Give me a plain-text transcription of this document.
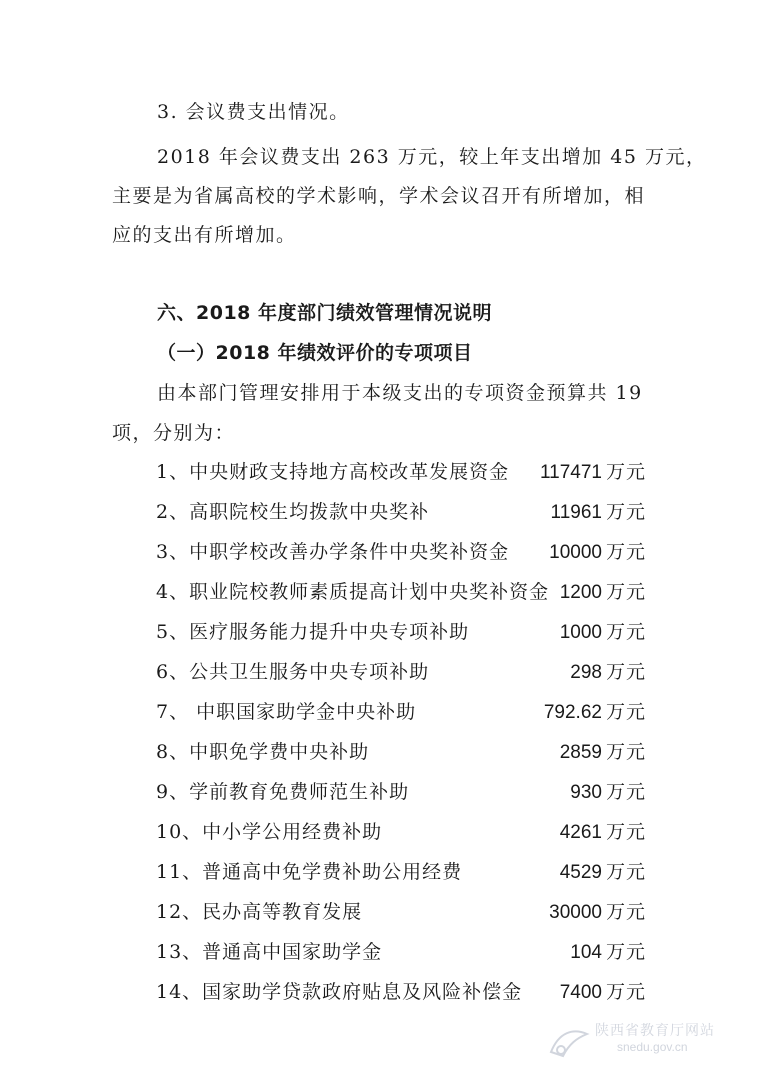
3. 会议费支出情况。
2018 年会议费支出 263 万元，较上年支出增加 45 万元，
主要是为省属高校的学术影响，学术会议召开有所增加，相
应的支出有所增加。
六、2018 年度部门绩效管理情况说明
（一）2018 年绩效评价的专项项目
由本部门管理安排用于本级支出的专项资金预算共 19
项，分别为：
1、中央财政支持地方高校改革发展资金 117471 万元
2、高职院校生均拨款中央奖补	11961 万元
3、中职学校改善办学条件中央奖补资金 10000 万元
4、职业院校教师素质提高计划中央奖补资金 1200 万元
5、医疗服务能力提升中央专项补助	1000 万元
6、公共卫生服务中央专项补助	298 万元
7、 中职国家助学金中央补助	792.62 万元
8、中职免学费中央补助	2859 万元
9、学前教育免费师范生补助	930 万元
10、中小学公用经费补助	4261 万元
11、普通高中免学费补助公用经费	4529 万元
12、民办高等教育发展	30000 万元
13、普通高中国家助学金	104 万元
14、国家助学贷款政府贴息及风险补偿金 7400 万元
陕西省教育厅网站
snedu.gov.cn
